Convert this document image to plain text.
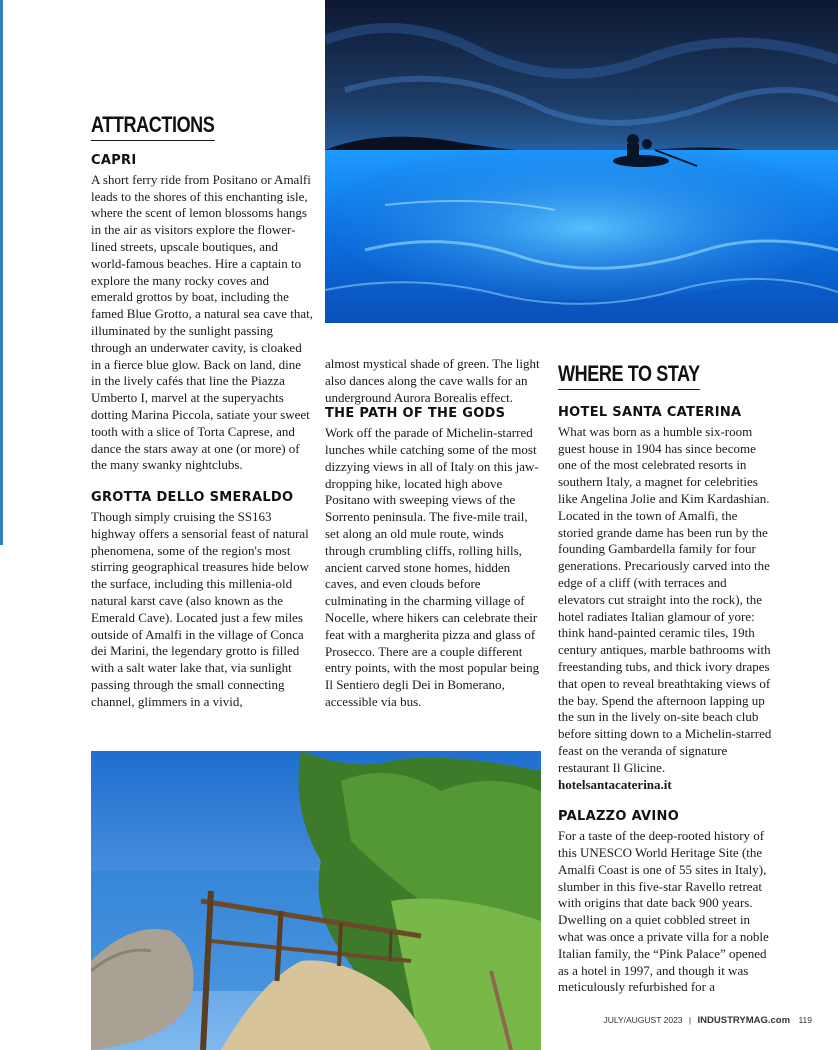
ATTRACTIONS
WHERE TO STAY
CAPRI

A short ferry ride from Positano or Amalfi leads to the shores of this enchanting isle, where the scent of lemon blossoms hangs in the air as visitors explore the flower-lined streets, upscale boutiques, and world-famous beaches. Hire a captain to explore the many rocky coves and emerald grottos by boat, including the famed Blue Grotto, a natural sea cave that, illuminated by the sunlight passing through an underwater cavity, is cloaked in a fierce blue glow. Back on land, dine in the lively cafés that line the Piazza Umberto I, marvel at the superyachts dotting Marina Piccola, satiate your sweet tooth with a slice of Torta Caprese, and dance the stars away at one (or more) of the many swanky nightclubs.

GROTTA DELLO SMERALDO

Though simply cruising the SS163 highway offers a sensorial feast of natural phenomena, some of the region's most stirring geographical treasures hide below the surface, including this millenia-old natural karst cave (also known as the Emerald Cave). Located just a few miles outside of Amalfi in the village of Conca dei Marini, the legendary grotto is filled with a salt water lake that, via sunlight passing through the small connecting channel, glimmers in a vivid,

almost mystical shade of green. The light also dances along the cave walls for an underground Aurora Borealis effect.

THE PATH OF THE GODS

Work off the parade of Michelin-starred lunches while catching some of the most dizzying views in all of Italy on this jaw-dropping hike, located high above Positano with sweeping views of the Sorrento peninsula. The five-mile trail, set along an old mule route, winds through crumbling cliffs, rolling hills, ancient carved stone homes, hidden caves, and even clouds before culminating in the charming village of Nocelle, where hikers can celebrate their feat with a margherita pizza and glass of Prosecco. There are a couple different entry points, with the most popular being Il Sentiero degli Dei in Bomerano, accessible via bus.

HOTEL SANTA CATERINA

What was born as a humble six-room guest house in 1904 has since become one of the most celebrated resorts in southern Italy, a magnet for celebrities like Angelina Jolie and Kim Kardashian. Located in the town of Amalfi, the storied grande dame has been run by the founding Gambardella family for four generations. Precariously carved into the edge of a cliff (with terraces and elevators cut straight into the rock), the hotel radiates Italian glamour of yore: think hand-painted ceramic tiles, 19th century antiques, marble bathrooms with freestanding tubs, and thick ivory drapes that open to reveal breathtaking views of the bay. Spend the afternoon lapping up the sun in the lively on-site beach club before sitting down to a Michelin-starred feast on the veranda of signature restaurant Il Glicine.

hotelsantacaterina.it

PALAZZO AVINO

For a taste of the deep-rooted history of this UNESCO World Heritage Site (the Amalfi Coast is one of 55 sites in Italy), slumber in this five-star Ravello retreat with origins that date back 900 years. Dwelling on a quiet cobbled street in what was once a private villa for a noble Italian family, the “Pink Palace” opened as a hotel in 1997, and though it was meticulously refurbished for a

JULY/AUGUST 2023 | INDUSTRYMAG.com 119
